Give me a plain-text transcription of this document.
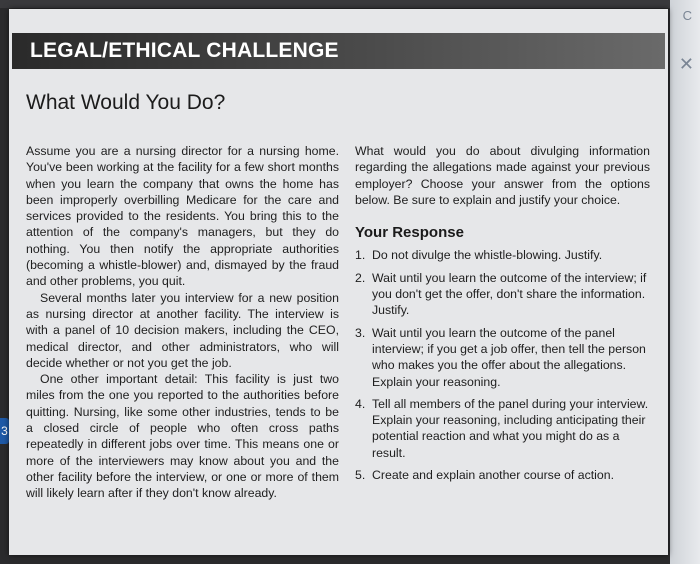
C
✕
3
LEGAL/ETHICAL CHALLENGE
What Would You Do?

Assume you are a nursing director for a nursing home. You've been working at the facility for a few short months when you learn the company that owns the home has been improperly overbilling Medicare for the care and services provided to the residents. You bring this to the attention of the company's managers, but they do nothing. You then notify the appropriate authorities (becoming a whistle-blower) and, dismayed by the fraud and other problems, you quit.

Several months later you interview for a new position as nursing director at another facility. The interview is with a panel of 10 decision makers, including the CEO, medical director, and other administrators, who will decide whether or not you get the job.

One other important detail: This facility is just two miles from the one you reported to the authorities before quitting. Nursing, like some other industries, tends to be a closed circle of people who often cross paths repeatedly in different jobs over time. This means one or more of the interviewers may know about you and the other facility before the interview, or one or more of them will likely learn after if they don't know already.

What would you do about divulging information regarding the allegations made against your previous employer? Choose your answer from the options below. Be sure to explain and justify your choice.

Your Response
1. Do not divulge the whistle-blowing. Justify.
2. Wait until you learn the outcome of the interview; if you don't get the offer, don't share the information. Justify.
3. Wait until you learn the outcome of the panel interview; if you get a job offer, then tell the person who makes you the offer about the allegations. Explain your reasoning.
4. Tell all members of the panel during your interview. Explain your reasoning, including anticipating their potential reaction and what you might do as a result.
5. Create and explain another course of action.
